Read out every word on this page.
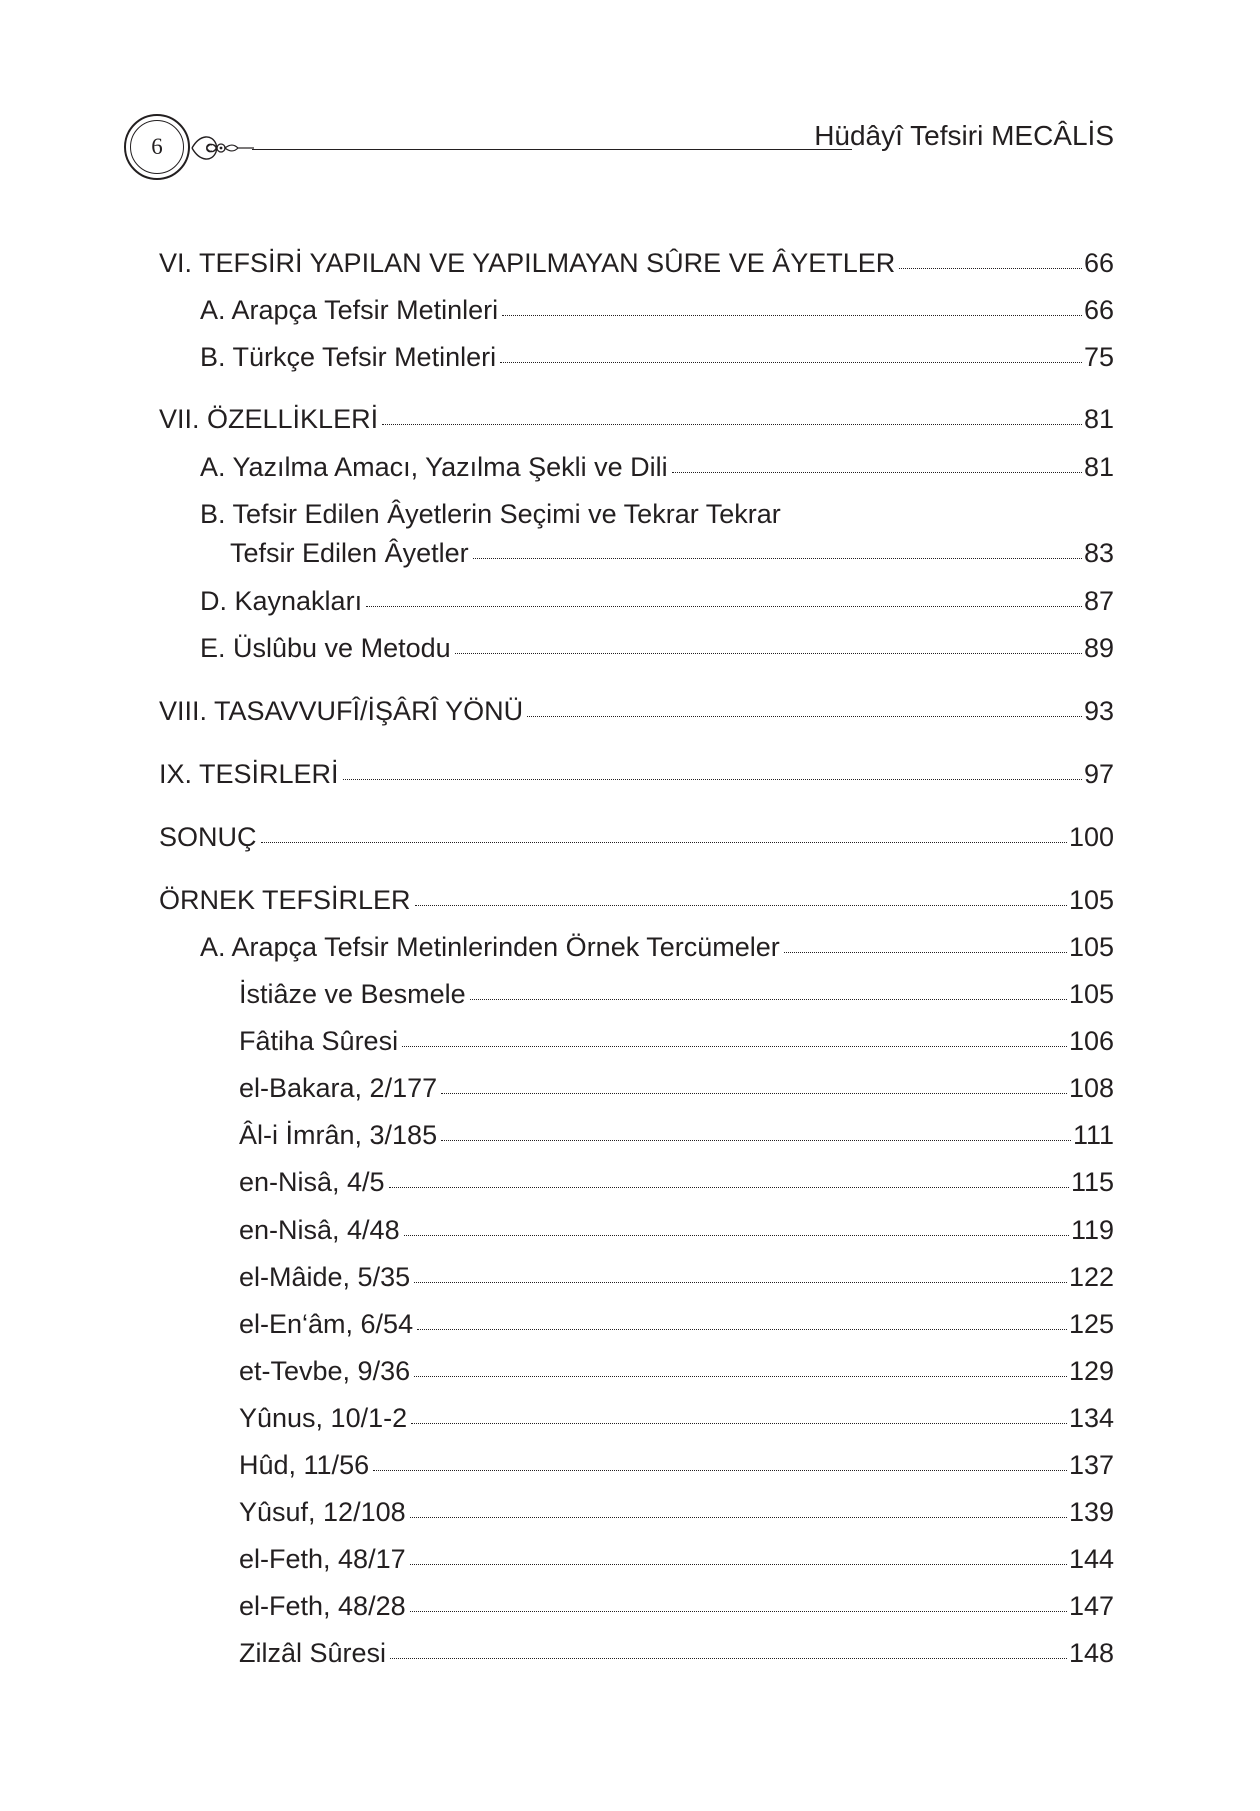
6	Hüdâyî Tefsiri MECÂLİS
VI. TEFSİRİ YAPILAN VE YAPILMAYAN SÛRE VE ÂYETLER	66
A. Arapça Tefsir Metinleri	66
B. Türkçe Tefsir Metinleri	75
VII. ÖZELLİKLERİ	81
A. Yazılma Amacı, Yazılma Şekli ve Dili	81
B. Tefsir Edilen Âyetlerin Seçimi ve Tekrar Tekrar
Tefsir Edilen Âyetler	83
D. Kaynakları	87
E. Üslûbu ve Metodu	89
VIII. TASAVVUFÎ/İŞÂRÎ YÖNÜ	93
IX. TESİRLERİ	97
SONUÇ	100
ÖRNEK TEFSİRLER	105
A. Arapça Tefsir Metinlerinden Örnek Tercümeler	105
İstiâze ve Besmele	105
Fâtiha Sûresi	106
el-Bakara, 2/177	108
Âl-i İmrân, 3/185	111
en-Nisâ, 4/5	115
en-Nisâ, 4/48	119
el-Mâide, 5/35	122
el-En‘âm, 6/54	125
et-Tevbe, 9/36	129
Yûnus, 10/1-2	134
Hûd, 11/56	137
Yûsuf, 12/108	139
el-Feth, 48/17	144
el-Feth, 48/28	147
Zilzâl Sûresi	148
